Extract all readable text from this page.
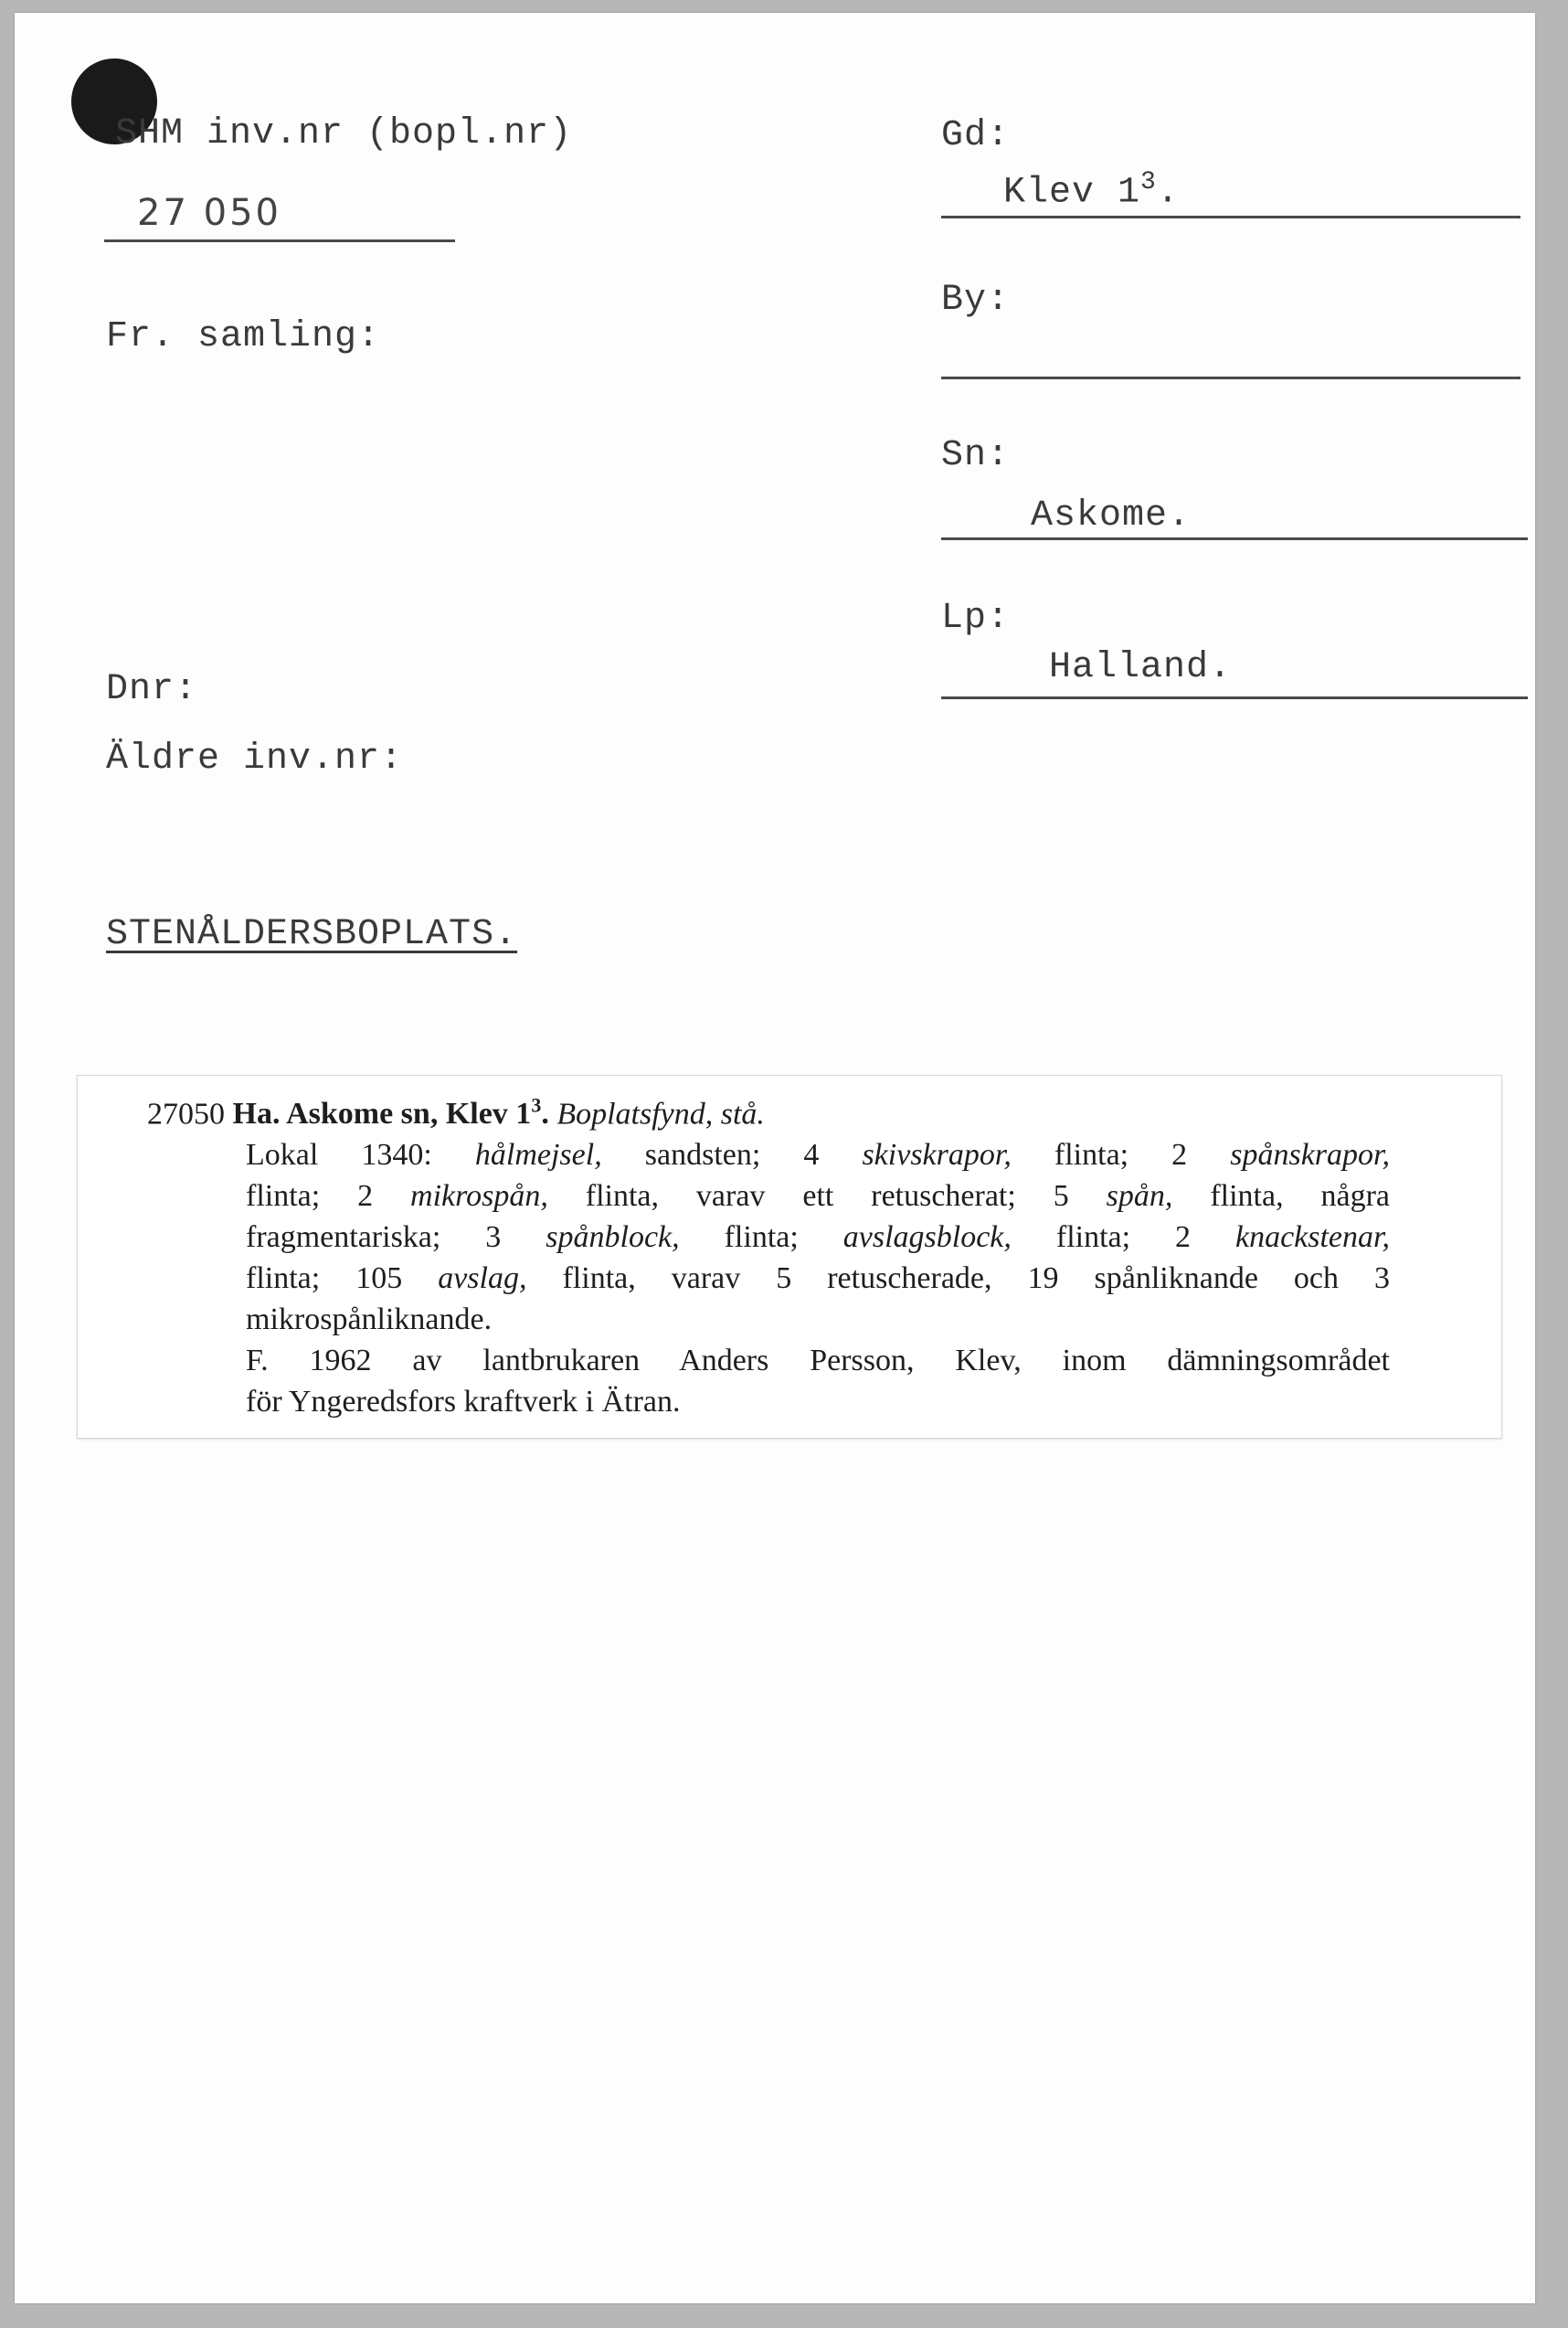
SHM inv.nr (bopl.nr)
27 050
Fr. samling:
Dnr:
Äldre inv.nr:
STENÅLDERSBOPLATS.
Gd:
Klev $1^3$.
By:
Sn:
Askome.
Lp:
Halland.
27050 Ha. Askome sn, Klev $1^3$. Boplatsfynd, stå.
Lokal 1340: hålmejsel, sandsten; 4 skivskrapor, flinta; 2 spånskrapor,
flinta; 2 mikrospån, flinta, varav ett retuscherat; 5 spån, flinta, några
fragmentariska; 3 spånblock, flinta; avslagsblock, flinta; 2 knackstenar,
flinta; 105 avslag, flinta, varav 5 retuscherade, 19 spånliknande och 3
mikrospånliknande.
F. 1962 av lantbrukaren Anders Persson, Klev, inom dämningsområdet
för Yngeredsfors kraftverk i Ätran.
